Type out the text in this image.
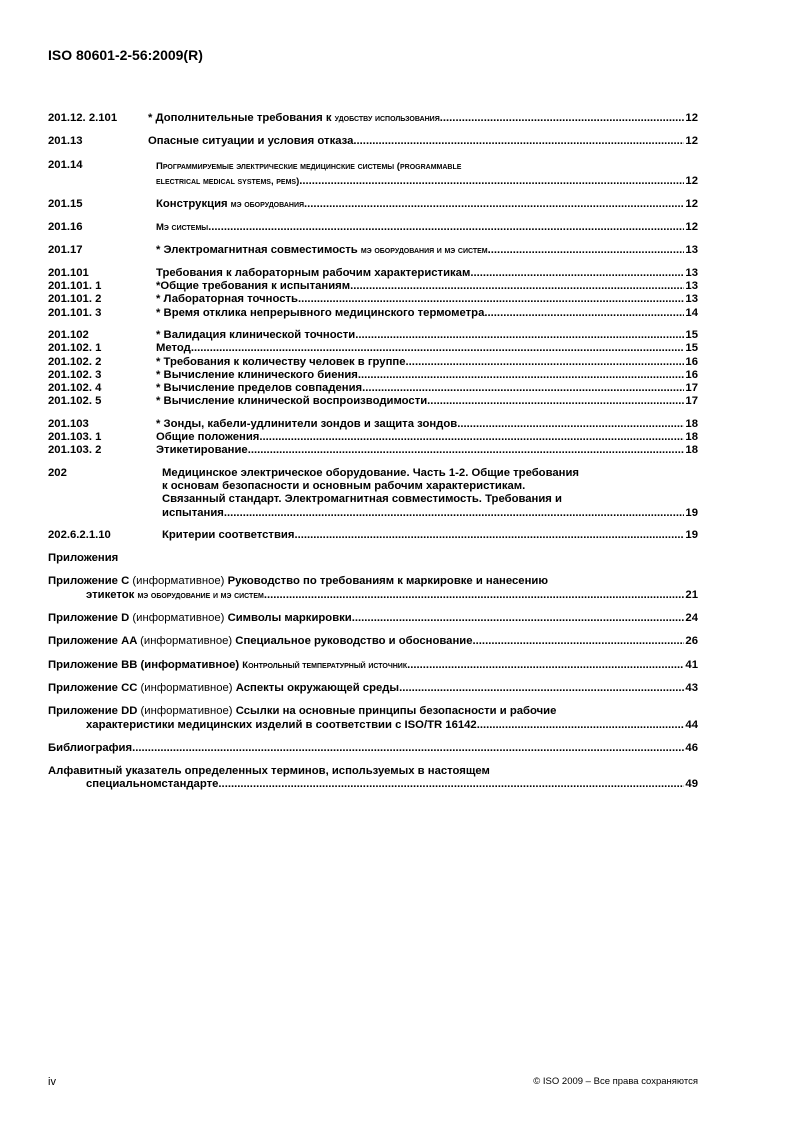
ISO 80601-2-56:2009(R)
201.12. 2.101	* Дополнительные требования к удобству использования .....	12
201.13	Опасные ситуации и условия отказа .....	12
201.14	Программируемые электрические медицинские системы (programmable
electrical medical systems, pems) .....	12
201.15	Конструкция мэ оборудования .....	12
201.16	Мэ системы .....	12
201.17	* Электромагнитная совместимость мэ оборудования и мэ систем .....	13
201.101	Требования к лабораторным рабочим характеристикам .....	13
201.101. 1	*Общие требования к испытаниям .....	13
201.101. 2	* Лабораторная точность .....	13
201.101. 3	* Время отклика непрерывного медицинского термометра .....	14
201.102	* Валидация клинической точности .....	15
201.102. 1	Метод .....	15
201.102. 2	* Требования к количеству человек в группе .....	16
201.102. 3	* Вычисление клинического биения .....	16
201.102. 4	* Вычисление пределов совпадения .....	17
201.102. 5	* Вычисление клинической воспроизводимости .....	17
201.103	* Зонды, кабели-удлинители зондов и защита зондов .....	18
201.103. 1	Общие положения .....	18
201.103. 2	Этикетирование .....	18
202	Медицинское электрическое оборудование. Часть 1-2. Общие требования
к основам безопасности и основным рабочим характеристикам.
Связанный стандарт. Электромагнитная совместимость. Требования и
испытания .....	19
202.6.2.1.10	Критерии соответствия .....	19
Приложения
Приложение C (информативное) Руководство по требованиям к маркировке и нанесению
этикеток мэ оборудование и мэ систем .....	21
Приложение D (информативное) Символы маркировки .....	24
Приложение AA (информативное) Специальное руководство и обоснование .....	26
Приложение BB (информативное) Контрольный температурный источник .....	41
Приложение CC (информативное) Аспекты окружающей среды .....	43
Приложение DD (информативное) Ссылки на основные принципы безопасности и рабочие
характеристики медицинских изделий в соответствии с ISO/TR 16142 .....	44
Библиография .....	46
Алфавитный указатель определенных терминов, используемых в настоящем
специальномстандарте .....	49
iv	© ISO 2009 – Все права сохраняются
